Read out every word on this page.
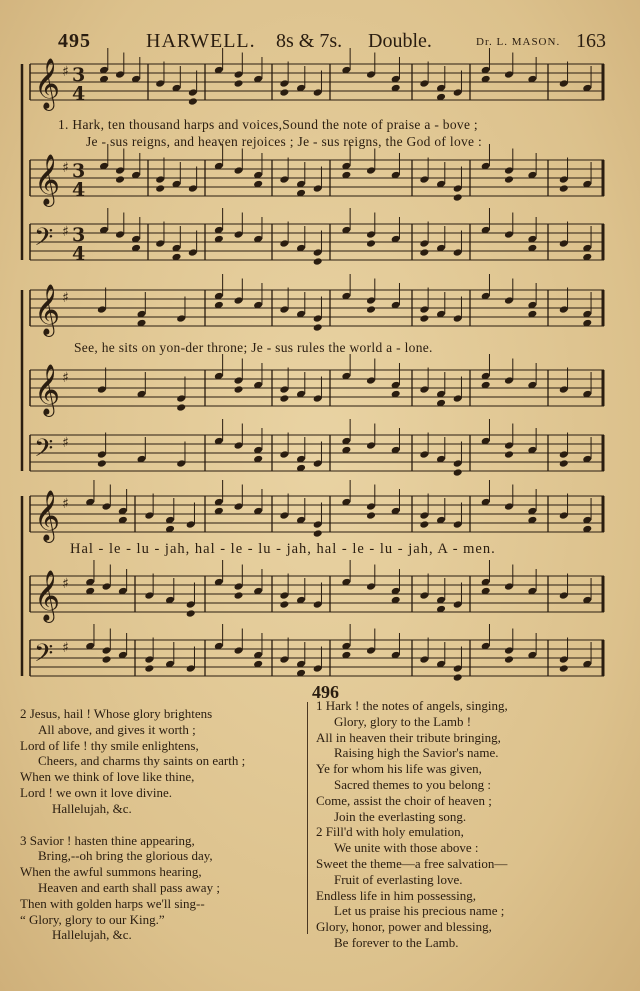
495	HARWELL. 8s & 7s. Double.	Dr. L. MASON. 163
𝄞 ♯ 3
4
𝄞 ♯ 3
4
𝄢 ♯ 3
4
𝄞 ♯
𝄞 ♯
𝄢 ♯
𝄞 ♯
𝄞 ♯
𝄢 ♯
1. Hark, ten thousand harps and voices,Sound the note of praise a - bove ;
Je - sus reigns, and heaven rejoices ; Je - sus reigns, the God of love :
See, he sits on yon-der throne; Je - sus rules the world a - lone.
Hal - le - lu - jah, hal - le - lu - jah, hal - le - lu - jah, A - men.
496
2 Jesus, hail ! Whose glory brightens
All above, and gives it worth ;
Lord of life ! thy smile enlightens,
Cheers, and charms thy saints on earth ;
When we think of love like thine,
Lord ! we own it love divine.
Hallelujah, &c.
3 Savior ! hasten thine appearing,
Bring,--oh bring the glorious day,
When the awful summons hearing,
Heaven and earth shall pass away ;
Then with golden harps we'll sing--
“ Glory, glory to our King.”
Hallelujah, &c.
1 Hark ! the notes of angels, singing,
Glory, glory to the Lamb !
All in heaven their tribute bringing,
Raising high the Savior's name.
Ye for whom his life was given,
Sacred themes to you belong :
Come, assist the choir of heaven ;
Join the everlasting song.
2 Fill'd with holy emulation,
We unite with those above :
Sweet the theme—a free salvation—
Fruit of everlasting love.
Endless life in him possessing,
Let us praise his precious name ;
Glory, honor, power and blessing,
Be forever to the Lamb.
